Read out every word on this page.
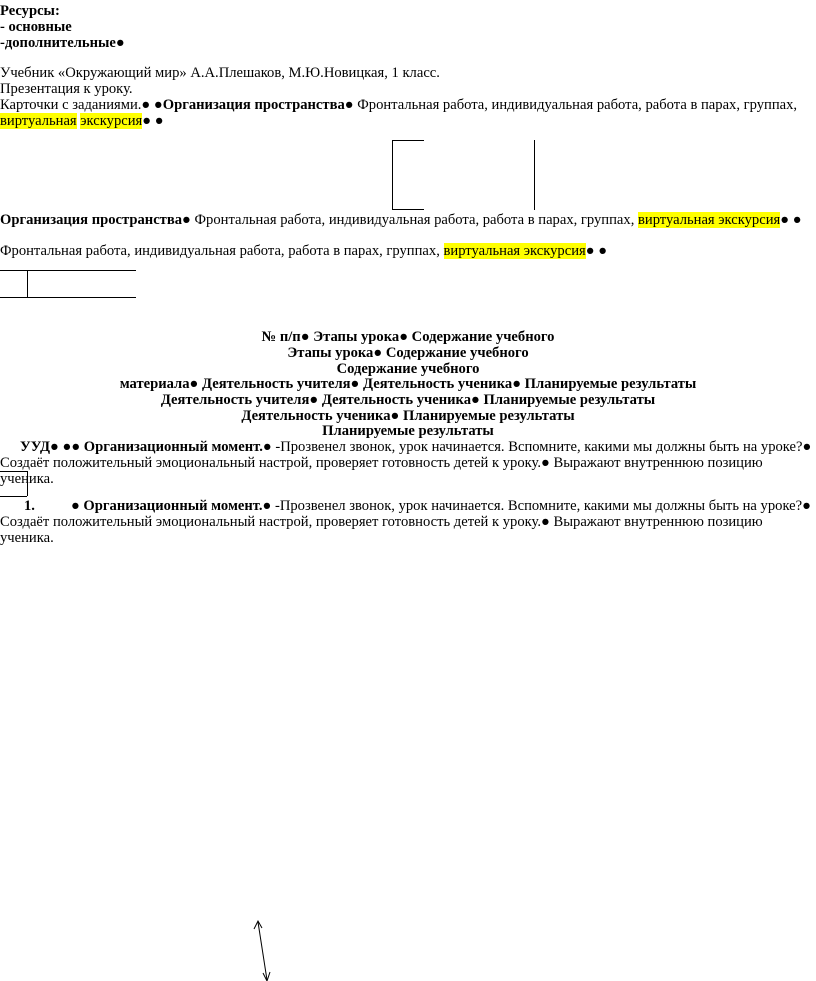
Ресурсы:
- основные
-дополнительные●
Учебник «Окружающий мир» А.А.Плешаков, М.Ю.Новицкая, 1 класс.
Презентация к уроку.
Карточки с заданиями.● ●Организация пространства● Фронтальная работа, индивидуальная работа, работа в парах, группах, виртуальная экскурсия● ●
Организация пространства● Фронтальная работа, индивидуальная работа, работа в парах, группах, виртуальная экскурсия● ●
Фронтальная работа, индивидуальная работа, работа в парах, группах, виртуальная экскурсия● ●
№ п/п● Этапы урока● Содержание учебного
Этапы урока● Содержание учебного
Содержание учебного
материала● Деятельность учителя● Деятельность ученика● Планируемые результаты
Деятельность учителя● Деятельность ученика● Планируемые результаты
Деятельность ученика● Планируемые результаты
Планируемые результаты
УУД● ●● Организационный момент.● -Прозвенел звонок, урок начинается. Вспомните, какими мы должны быть на уроке?● Создаёт положительный эмоциональный настрой, проверяет готовность детей к уроку.● Выражают внутреннюю позицию ученика.
1. ● Организационный момент.● -Прозвенел звонок, урок начинается. Вспомните, какими мы должны быть на уроке?● Создаёт положительный эмоциональный настрой, проверяет готовность детей к уроку.● Выражают внутреннюю позицию ученика.
